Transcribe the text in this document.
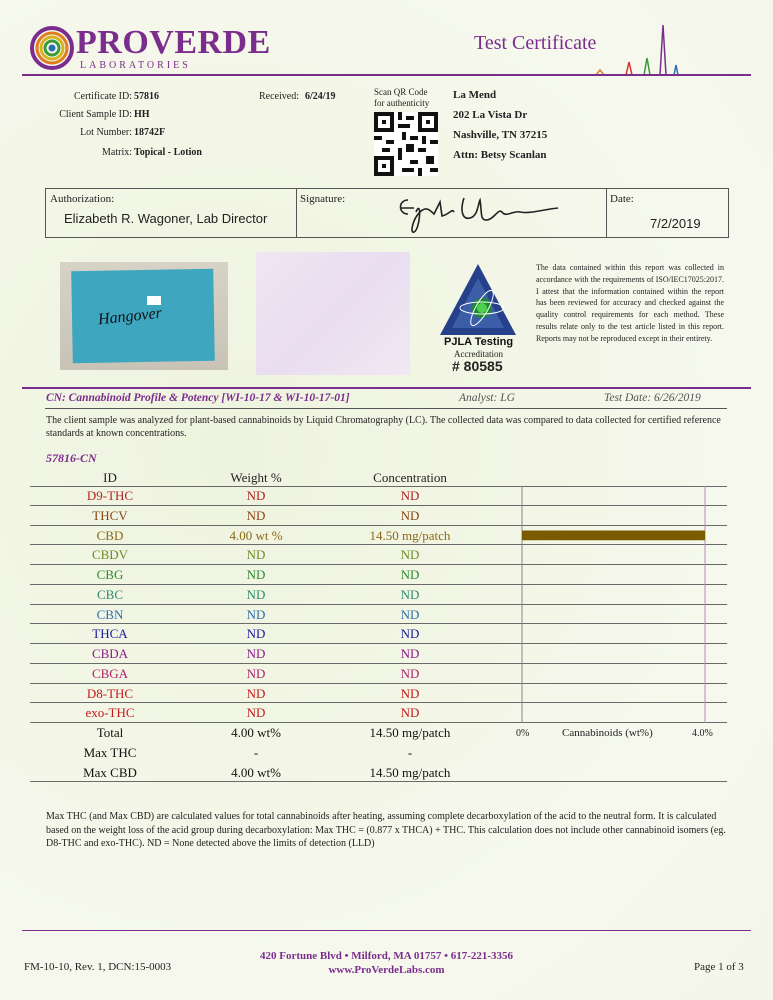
PROVERDE
LABORATORIES
Test Certificate
Certificate ID: 57816
Client Sample ID: HH
Lot Number: 18742F
Matrix: Topical - Lotion
Received: 6/24/19	Scan QR Code
for authenticity
La Mend
202 La Vista Dr
Nashville, TN 37215
Attn: Betsy Scanlan
Authorization:
Elizabeth R. Wagoner, Lab Director
Signature:	Date:
7/2/2019
Hangover
PJLA Testing
Accreditation
# 80585
The data contained within this report was collected in accordance with the requirements of ISO/IEC17025:2017. I attest that the information contained within the report has been reviewed for accuracy and checked against the quality control requirements for each method. These results relate only to the test article listed in this report. Reports may not be reproduced except in their entirety.
CN: Cannabinoid Profile & Potency [WI-10-17 & WI-10-17-01]	Analyst: LG	Test Date: 6/26/2019
The client sample was analyzed for plant-based cannabinoids by Liquid Chromatography (LC). The collected data was compared to data collected for certified reference standards at known concentrations.
57816-CN
ID	Weight %	Concentration
D9-THC	ND	ND
THCV	ND	ND
CBD	4.00 wt %	14.50 mg/patch
CBDV	ND	ND
CBG	ND	ND
CBC	ND	ND
CBN	ND	ND
THCA	ND	ND
CBDA	ND	ND
CBGA	ND	ND
D8-THC	ND	ND
exo-THC	ND	ND
Total	4.00 wt%	14.50 mg/patch
Max THC	-	-
Max CBD	4.00 wt%	14.50 mg/patch
0%	Cannabinoids (wt%)	4.0%
Max THC (and Max CBD) are calculated values for total cannabinoids after heating, assuming complete decarboxylation of the acid to the neutral form. It is calculated based on the weight loss of the acid group during decarboxylation: Max THC = (0.877 x THCA) + THC. This calculation does not include other cannabinoid isomers (eg. D8-THC and exo-THC). ND = None detected above the limits of detection (LLD)
420 Fortune Blvd • Milford, MA 01757 • 617-221-3356
www.ProVerdeLabs.com
FM-10-10, Rev. 1, DCN:15-0003	Page 1 of 3
